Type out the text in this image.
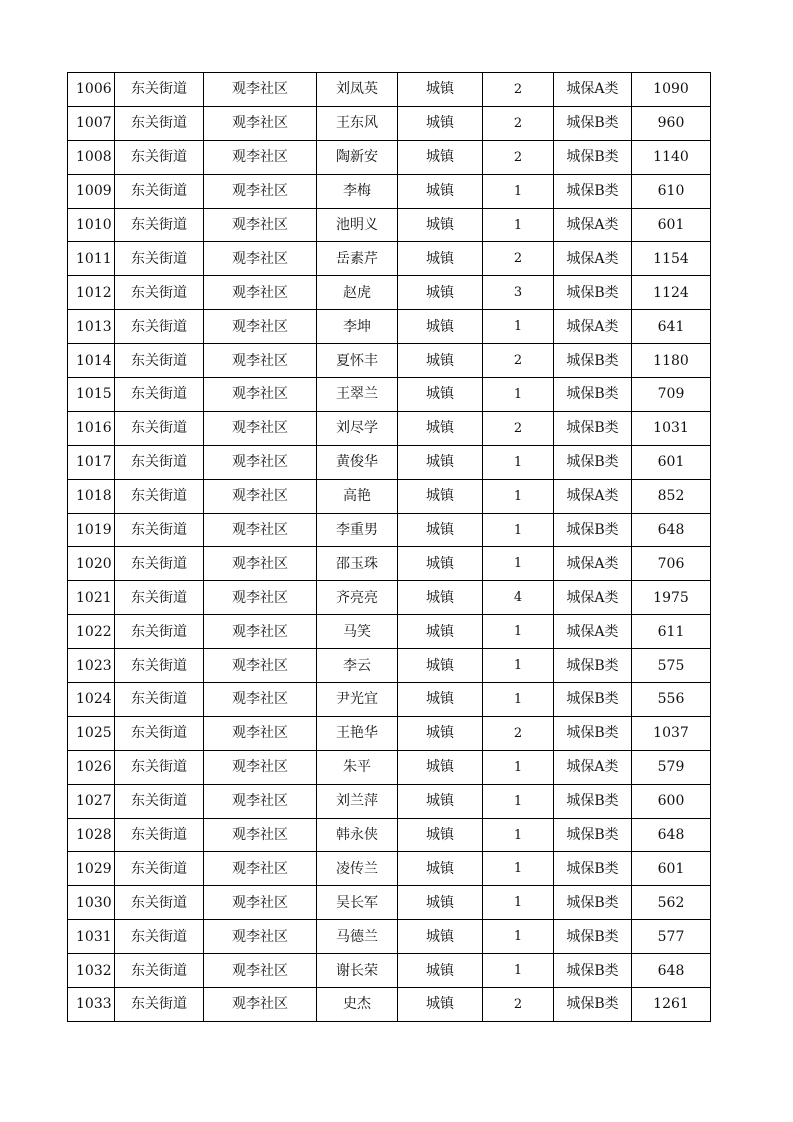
1006	东关街道	观李社区	刘凤英	城镇	2	城保A类	1090
1007	东关街道	观李社区	王东风	城镇	2	城保B类	960
1008	东关街道	观李社区	陶新安	城镇	2	城保B类	1140
1009	东关街道	观李社区	李梅	城镇	1	城保B类	610
1010	东关街道	观李社区	池明义	城镇	1	城保A类	601
1011	东关街道	观李社区	岳素芹	城镇	2	城保A类	1154
1012	东关街道	观李社区	赵虎	城镇	3	城保B类	1124
1013	东关街道	观李社区	李坤	城镇	1	城保A类	641
1014	东关街道	观李社区	夏怀丰	城镇	2	城保B类	1180
1015	东关街道	观李社区	王翠兰	城镇	1	城保B类	709
1016	东关街道	观李社区	刘尽学	城镇	2	城保B类	1031
1017	东关街道	观李社区	黄俊华	城镇	1	城保B类	601
1018	东关街道	观李社区	高艳	城镇	1	城保A类	852
1019	东关街道	观李社区	李重男	城镇	1	城保B类	648
1020	东关街道	观李社区	邵玉珠	城镇	1	城保A类	706
1021	东关街道	观李社区	齐亮亮	城镇	4	城保A类	1975
1022	东关街道	观李社区	马笑	城镇	1	城保A类	611
1023	东关街道	观李社区	李云	城镇	1	城保B类	575
1024	东关街道	观李社区	尹光宜	城镇	1	城保B类	556
1025	东关街道	观李社区	王艳华	城镇	2	城保B类	1037
1026	东关街道	观李社区	朱平	城镇	1	城保A类	579
1027	东关街道	观李社区	刘兰萍	城镇	1	城保B类	600
1028	东关街道	观李社区	韩永侠	城镇	1	城保B类	648
1029	东关街道	观李社区	凌传兰	城镇	1	城保B类	601
1030	东关街道	观李社区	吴长军	城镇	1	城保B类	562
1031	东关街道	观李社区	马德兰	城镇	1	城保B类	577
1032	东关街道	观李社区	谢长荣	城镇	1	城保B类	648
1033	东关街道	观李社区	史杰	城镇	2	城保B类	1261
